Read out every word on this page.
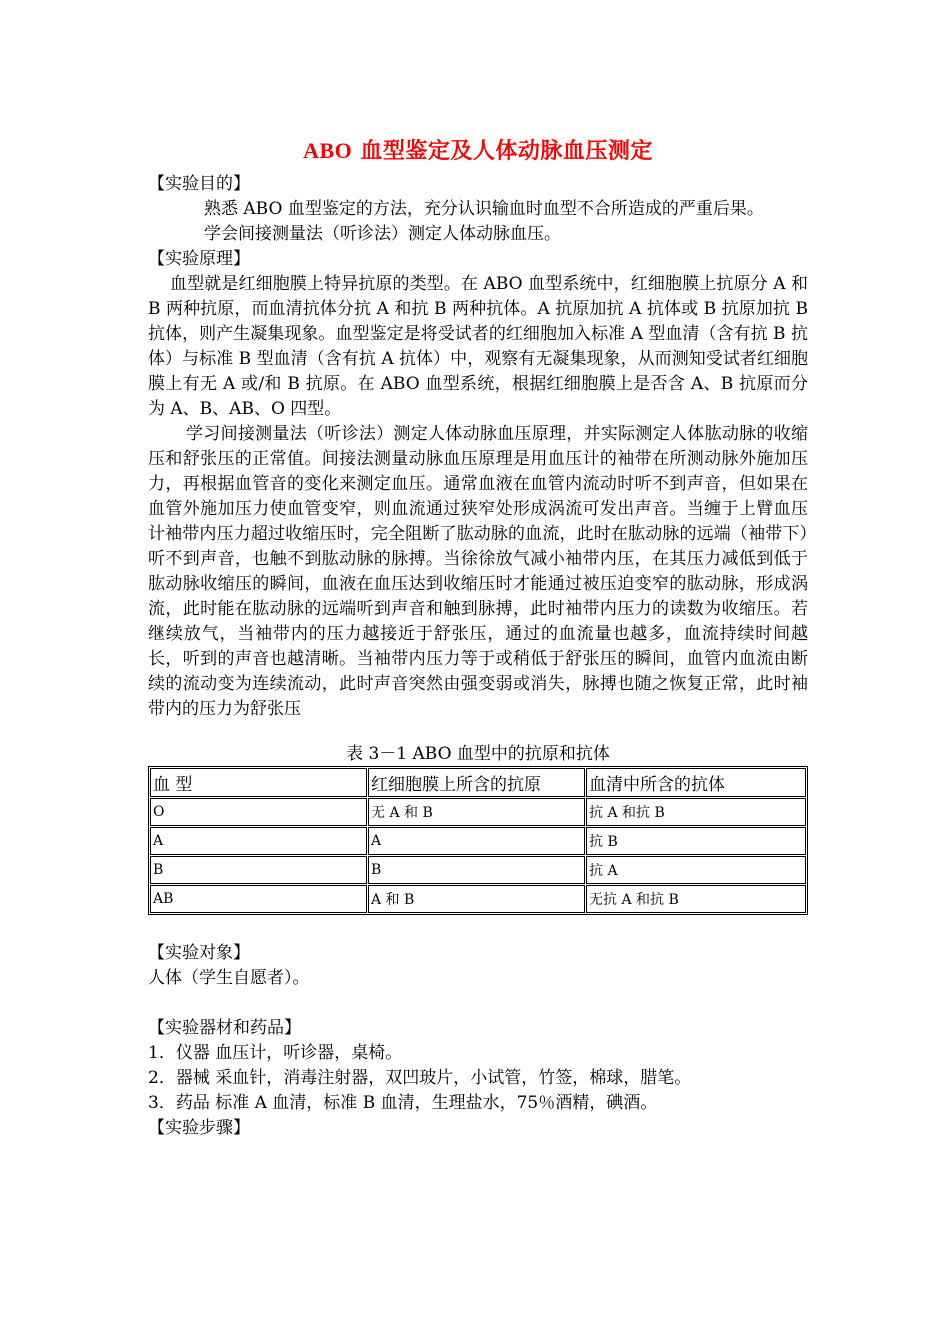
ABO 血型鉴定及人体动脉血压测定
【实验目的】

熟悉 ABO 血型鉴定的方法，充分认识输血时血型不合所造成的严重后果。

学会间接测量法（听诊法）测定人体动脉血压。

【实验原理】

血型就是红细胞膜上特异抗原的类型。在 ABO 血型系统中，红细胞膜上抗原分 A 和 B 两种抗原，而血清抗体分抗 A 和抗 B 两种抗体。A 抗原加抗 A 抗体或 B 抗原加抗 B 抗体，则产生凝集现象。血型鉴定是将受试者的红细胞加入标准 A 型血清（含有抗 B 抗体）与标准 B 型血清（含有抗 A 抗体）中，观察有无凝集现象，从而测知受试者红细胞膜上有无 A 或/和 B 抗原。在 ABO 血型系统，根据红细胞膜上是否含 A、B 抗原而分为 A、B、AB、O 四型。

学习间接测量法（听诊法）测定人体动脉血压原理，并实际测定人体肱动脉的收缩压和舒张压的正常值。间接法测量动脉血压原理是用血压计的袖带在所测动脉外施加压力，再根据血管音的变化来测定血压。通常血液在血管内流动时听不到声音，但如果在血管外施加压力使血管变窄，则血流通过狭窄处形成涡流可发出声音。当缠于上臂血压计袖带内压力超过收缩压时，完全阻断了肱动脉的血流，此时在肱动脉的远端（袖带下）听不到声音，也触不到肱动脉的脉搏。当徐徐放气减小袖带内压，在其压力减低到低于肱动脉收缩压的瞬间，血液在血压达到收缩压时才能通过被压迫变窄的肱动脉，形成涡流，此时能在肱动脉的远端听到声音和触到脉搏，此时袖带内压力的读数为收缩压。若继续放气，当袖带内的压力越接近于舒张压，通过的血流量也越多，血流持续时间越长，听到的声音也越清晰。当袖带内压力等于或稍低于舒张压的瞬间，血管内血流由断续的流动变为连续流动，此时声音突然由强变弱或消失，脉搏也随之恢复正常，此时袖带内的压力为舒张压

表 3－1 ABO 血型中的抗原和抗体
血 型	红细胞膜上所含的抗原	血清中所含的抗体
O	无 A 和 B	抗 A 和抗 B
A	A	抗 B
B	B	抗 A
AB	A 和 B	无抗 A 和抗 B
【实验对象】
人体（学生自愿者）。
【实验器材和药品】
1．仪器 血压计，听诊器，桌椅。
2．器械 采血针，消毒注射器，双凹玻片，小试管，竹签，棉球，腊笔。
3．药品 标准 A 血清，标准 B 血清，生理盐水，75％酒精，碘酒。
【实验步骤】
